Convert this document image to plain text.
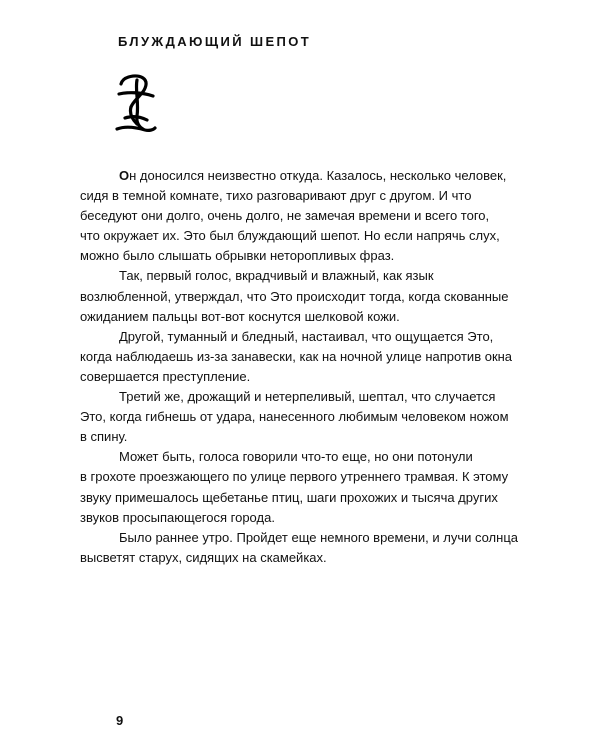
БЛУЖДАЮЩИЙ ШЕПОТ

Он доносился неизвестно откуда. Казалось, несколько человек,
сидя в темной комнате, тихо разговаривают друг с другом. И что
беседуют они долго, очень долго, не замечая времени и всего того,
что окружает их. Это был блуждающий шепот. Но если напрячь слух,
можно было слышать обрывки неторопливых фраз.

Так, первый голос, вкрадчивый и влажный, как язык
возлюбленной, утверждал, что Это происходит тогда, когда скованные
ожиданием пальцы вот-вот коснутся шелковой кожи.

Другой, туманный и бледный, настаивал, что ощущается Это,
когда наблюдаешь из-за занавески, как на ночной улице напротив окна
совершается преступление.

Третий же, дрожащий и нетерпеливый, шептал, что случается
Это, когда гибнешь от удара, нанесенного любимым человеком ножом
в спину.

Может быть, голоса говорили что-то еще, но они потонули
в грохоте проезжающего по улице первого утреннего трамвая. К этому
звуку примешалось щебетанье птиц, шаги прохожих и тысяча других
звуков просыпающегося города.

Было раннее утро. Пройдет еще немного времени, и лучи солнца
высветят старух, сидящих на скамейках.

9
